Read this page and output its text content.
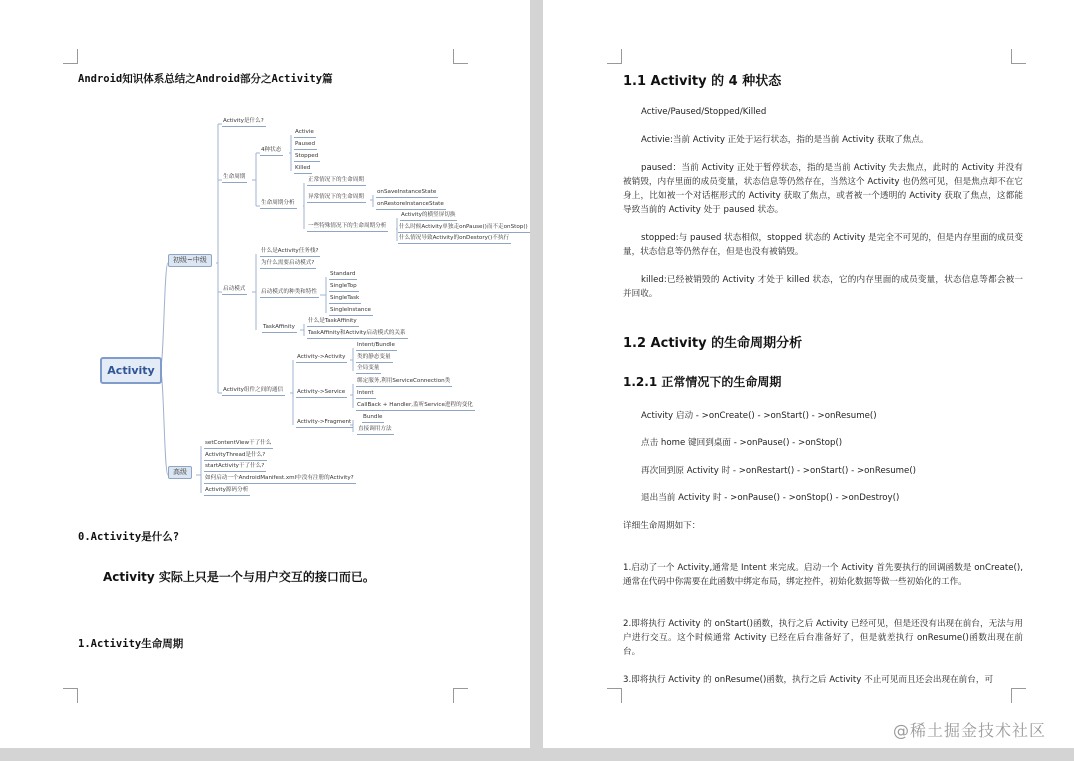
Android知识体系总结之Android部分之Activity篇
Activity
初级~中级
高级
Activity是什么?
生命周期
启动模式
Activity组件之间的通信
4种状态
生命周期分析
Activie
Paused
Stopped
Killed
正常情况下的生命周期
异常情况下的生命周期
一些特殊情况下的生命周期分析
onSaveInstanceState
onRestoreInstanceState
Activity的横竖屏切换
什么时候Activity单独走onPause()而不走onStop()
什么情况导致Activity的onDestory()不执行
什么是Activity任务栈?
为什么需要启动模式?
启动模式的种类和特性
TaskAffinity
Standard
SingleTop
SingleTask
SingleInstance
什么是TaskAffinity
TaskAffinity和Activity启动模式的关系
Activity->Activity
Activity->Service
Activity->Fragment
Intent/Bundle
类的静态变量
全局变量
绑定服务,利用ServiceConnection类
Intent
CallBack + Handler,监听Service进程的变化
Bundle
直接调用方法
setContentView干了什么
ActivityThread是什么?
startActivity干了什么?
如何启动一个AndroidManifest.xml中没有注册的Activity?
Activity源码分析
0.Activity是什么?
Activity 实际上只是一个与用户交互的接口而已。
1.Activity生命周期
1.1 Activity 的 4 种状态
Active/Paused/Stopped/Killed
Activie:当前 Activity 正处于运行状态，指的是当前 Activity 获取了焦点。
paused：当前 Activity 正处于暂停状态，指的是当前 Activity 失去焦点，此时的 Activity 并没有被销毁，内存里面的成员变量，状态信息等仍然存在，当然这个 Activity 也仍然可见，但是焦点却不在它身上，比如被一个对话框形式的 Activity 获取了焦点，或者被一个透明的 Activity 获取了焦点，这都能导致当前的 Activity 处于 paused 状态。
stopped:与 paused 状态相似，stopped 状态的 Activity 是完全不可见的，但是内存里面的成员变量，状态信息等仍然存在，但是也没有被销毁。
killed:已经被销毁的 Activity 才处于 killed 状态，它的内存里面的成员变量，状态信息等都会被一并回收。
1.2 Activity 的生命周期分析
1.2.1 正常情况下的生命周期
Activity 启动 - >onCreate() - >onStart() - >onResume()
点击 home 键回到桌面 - >onPause() - >onStop()
再次回到原 Activity 时 - >onRestart() - >onStart() - >onResume()
退出当前 Activity 时 - >onPause() - >onStop() - >onDestroy()
详细生命周期如下：
1.启动了一个 Activity,通常是 Intent 来完成。启动一个 Activity 首先要执行的回调函数是 onCreate(),通常在代码中你需要在此函数中绑定布局，绑定控件，初始化数据等做一些初始化的工作。
2.即将执行 Activity 的 onStart()函数，执行之后 Activity 已经可见，但是还没有出现在前台，无法与用户进行交互。这个时候通常 Activity 已经在后台准备好了，但是就差执行 onResume()函数出现在前台。
3.即将执行 Activity 的 onResume()函数，执行之后 Activity 不止可见而且还会出现在前台，可
@稀土掘金技术社区
